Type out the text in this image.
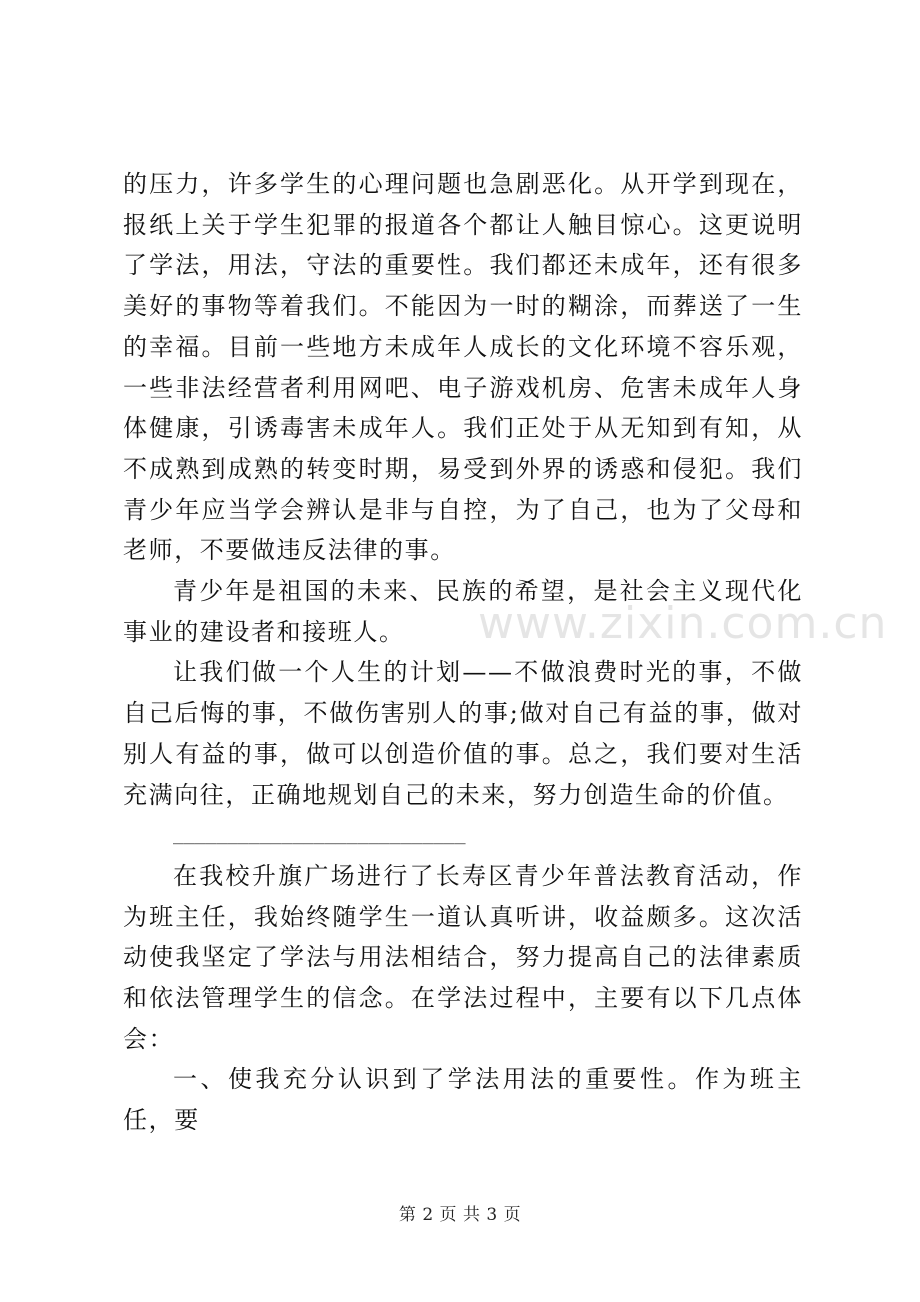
的压力，许多学生的心理问题也急剧恶化。从开学到现在，报纸上关于学生犯罪的报道各个都让人触目惊心。这更说明了学法，用法，守法的重要性。我们都还未成年，还有很多美好的事物等着我们。不能因为一时的糊涂，而葬送了一生的幸福。目前一些地方未成年人成长的文化环境不容乐观，一些非法经营者利用网吧、电子游戏机房、危害未成年人身体健康，引诱毒害未成年人。我们正处于从无知到有知，从不成熟到成熟的转变时期，易受到外界的诱惑和侵犯。我们青少年应当学会辨认是非与自控，为了自己，也为了父母和老师，不要做违反法律的事。

青少年是祖国的未来、民族的希望，是社会主义现代化事业的建设者和接班人。

让我们做一个人生的计划——不做浪费时光的事，不做自己后悔的事，不做伤害别人的事;做对自己有益的事，做对别人有益的事，做可以创造价值的事。总之，我们要对生活充满向往，正确地规划自己的未来，努力创造生命的价值。

___________________________

在我校升旗广场进行了长寿区青少年普法教育活动，作为班主任，我始终随学生一道认真听讲，收益颇多。这次活动使我坚定了学法与用法相结合，努力提高自己的法律素质和依法管理学生的信念。在学法过程中，主要有以下几点体会：

一、使我充分认识到了学法用法的重要性。作为班主任，要

www.zixin.com.cn
第 2 页 共 3 页
